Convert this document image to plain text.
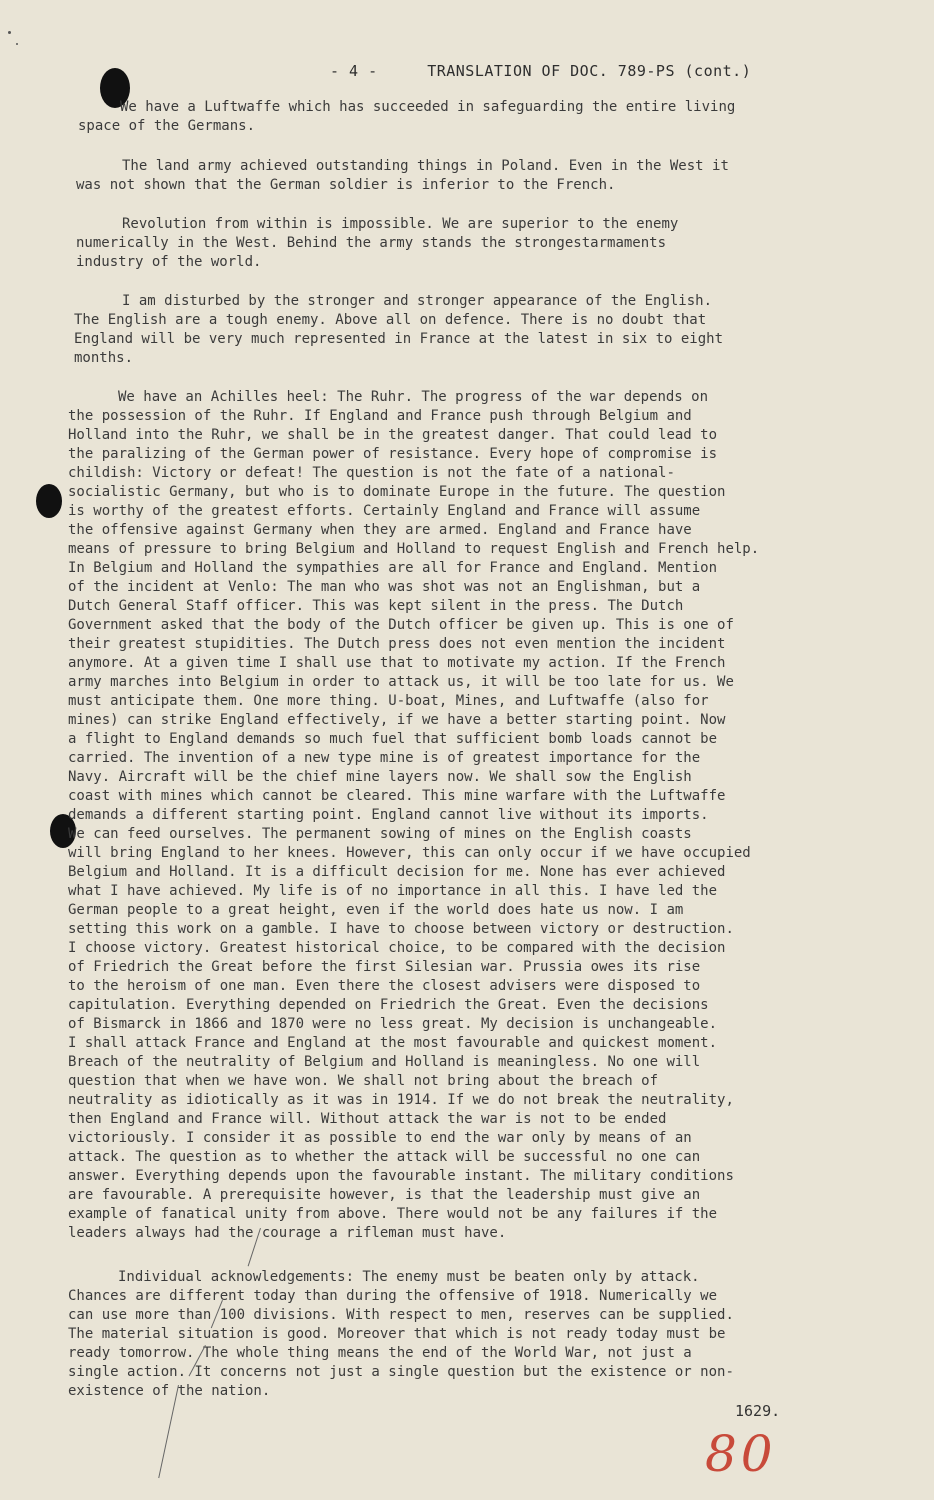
- 4 -	TRANSLATION OF DOC. 789-PS (cont.)
We have a Luftwaffe which has succeeded in safeguarding the entire living
space of the Germans.
The land army achieved outstanding things in Poland. Even in the West it
was not shown that the German soldier is inferior to the French.
Revolution from within is impossible. We are superior to the enemy
numerically in the West. Behind the army stands the strongestarmaments
industry of the world.
I am disturbed by the stronger and stronger appearance of the English.
The English are a tough enemy. Above all on defence. There is no doubt that
England will be very much represented in France at the latest in six to eight
months.
We have an Achilles heel: The Ruhr. The progress of the war depends on
the possession of the Ruhr. If England and France push through Belgium and
Holland into the Ruhr, we shall be in the greatest danger. That could lead to
the paralizing of the German power of resistance. Every hope of compromise is
childish: Victory or defeat! The question is not the fate of a national-
socialistic Germany, but who is to dominate Europe in the future. The question
is worthy of the greatest efforts. Certainly England and France will assume
the offensive against Germany when they are armed. England and France have
means of pressure to bring Belgium and Holland to request English and French help.
In Belgium and Holland the sympathies are all for France and England. Mention
of the incident at Venlo: The man who was shot was not an Englishman, but a
Dutch General Staff officer. This was kept silent in the press. The Dutch
Government asked that the body of the Dutch officer be given up. This is one of
their greatest stupidities. The Dutch press does not even mention the incident
anymore. At a given time I shall use that to motivate my action. If the French
army marches into Belgium in order to attack us, it will be too late for us. We
must anticipate them. One more thing. U-boat, Mines, and Luftwaffe (also for
mines) can strike England effectively, if we have a better starting point. Now
a flight to England demands so much fuel that sufficient bomb loads cannot be
carried. The invention of a new type mine is of greatest importance for the
Navy. Aircraft will be the chief mine layers now. We shall sow the English
coast with mines which cannot be cleared. This mine warfare with the Luftwaffe
demands a different starting point. England cannot live without its imports.
We can feed ourselves. The permanent sowing of mines on the English coasts
will bring England to her knees. However, this can only occur if we have occupied
Belgium and Holland. It is a difficult decision for me. None has ever achieved
what I have achieved. My life is of no importance in all this. I have led the
German people to a great height, even if the world does hate us now. I am
setting this work on a gamble. I have to choose between victory or destruction.
I choose victory. Greatest historical choice, to be compared with the decision
of Friedrich the Great before the first Silesian war. Prussia owes its rise
to the heroism of one man. Even there the closest advisers were disposed to
capitulation. Everything depended on Friedrich the Great. Even the decisions
of Bismarck in 1866 and 1870 were no less great. My decision is unchangeable.
I shall attack France and England at the most favourable and quickest moment.
Breach of the neutrality of Belgium and Holland is meaningless. No one will
question that when we have won. We shall not bring about the breach of
neutrality as idiotically as it was in 1914. If we do not break the neutrality,
then England and France will. Without attack the war is not to be ended
victoriously. I consider it as possible to end the war only by means of an
attack. The question as to whether the attack will be successful no one can
answer. Everything depends upon the favourable instant. The military conditions
are favourable. A prerequisite however, is that the leadership must give an
example of fanatical unity from above. There would not be any failures if the
leaders always had the courage a rifleman must have.
Individual acknowledgements: The enemy must be beaten only by attack.
Chances are different today than during the offensive of 1918. Numerically we
can use more than 100 divisions. With respect to men, reserves can be supplied.
The material situation is good. Moreover that which is not ready today must be
ready tomorrow. The whole thing means the end of the World War, not just a
single action. It concerns not just a single question but the existence or non-
existence of the nation.
1629.
80
